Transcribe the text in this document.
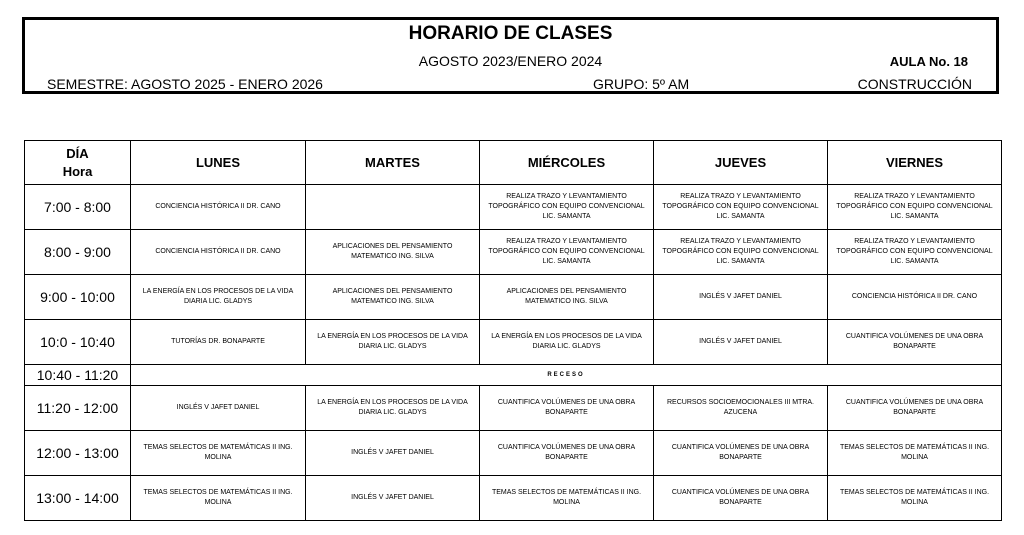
HORARIO DE CLASES
AGOSTO 2023/ENERO 2024	AULA No. 18
SEMESTRE: AGOSTO 2025 - ENERO 2026	GRUPO: 5º AM	CONSTRUCCIÓN
DÍA
Hora	LUNES	MARTES	MIÉRCOLES	JUEVES	VIERNES
7:00 - 8:00	CONCIENCIA HISTÓRICA II DR. CANO		REALIZA TRAZO Y LEVANTAMIENTO TOPOGRÁFICO CON EQUIPO CONVENCIONAL LIC. SAMANTA	REALIZA TRAZO Y LEVANTAMIENTO TOPOGRÁFICO CON EQUIPO CONVENCIONAL LIC. SAMANTA	REALIZA TRAZO Y LEVANTAMIENTO TOPOGRÁFICO CON EQUIPO CONVENCIONAL LIC. SAMANTA
8:00 - 9:00	CONCIENCIA HISTÓRICA II DR. CANO	APLICACIONES DEL PENSAMIENTO MATEMATICO ING. SILVA	REALIZA TRAZO Y LEVANTAMIENTO TOPOGRÁFICO CON EQUIPO CONVENCIONAL LIC. SAMANTA	REALIZA TRAZO Y LEVANTAMIENTO TOPOGRÁFICO CON EQUIPO CONVENCIONAL LIC. SAMANTA	REALIZA TRAZO Y LEVANTAMIENTO TOPOGRÁFICO CON EQUIPO CONVENCIONAL LIC. SAMANTA
9:00 - 10:00	LA ENERGÍA EN LOS PROCESOS DE LA VIDA DIARIA LIC. GLADYS	APLICACIONES DEL PENSAMIENTO MATEMATICO ING. SILVA	APLICACIONES DEL PENSAMIENTO MATEMATICO ING. SILVA	INGLÉS V JAFET DANIEL	CONCIENCIA HISTÓRICA II DR. CANO
10:0 - 10:40	TUTORÍAS DR. BONAPARTE	LA ENERGÍA EN LOS PROCESOS DE LA VIDA DIARIA LIC. GLADYS	LA ENERGÍA EN LOS PROCESOS DE LA VIDA DIARIA LIC. GLADYS	INGLÉS V JAFET DANIEL	CUANTIFICA VOLÚMENES DE UNA OBRA BONAPARTE
10:40 - 11:20	RECESO				
11:20 - 12:00	INGLÉS V JAFET DANIEL	LA ENERGÍA EN LOS PROCESOS DE LA VIDA DIARIA LIC. GLADYS	CUANTIFICA VOLÚMENES DE UNA OBRA BONAPARTE	RECURSOS SOCIOEMOCIONALES III MTRA. AZUCENA	CUANTIFICA VOLÚMENES DE UNA OBRA BONAPARTE
12:00 - 13:00	TEMAS SELECTOS DE MATEMÁTICAS II ING. MOLINA	INGLÉS V JAFET DANIEL	CUANTIFICA VOLÚMENES DE UNA OBRA BONAPARTE	CUANTIFICA VOLÚMENES DE UNA OBRA BONAPARTE	TEMAS SELECTOS DE MATEMÁTICAS II ING. MOLINA
13:00 - 14:00	TEMAS SELECTOS DE MATEMÁTICAS II ING. MOLINA	INGLÉS V JAFET DANIEL	TEMAS SELECTOS DE MATEMÁTICAS II ING. MOLINA	CUANTIFICA VOLÚMENES DE UNA OBRA BONAPARTE	TEMAS SELECTOS DE MATEMÁTICAS II ING. MOLINA
